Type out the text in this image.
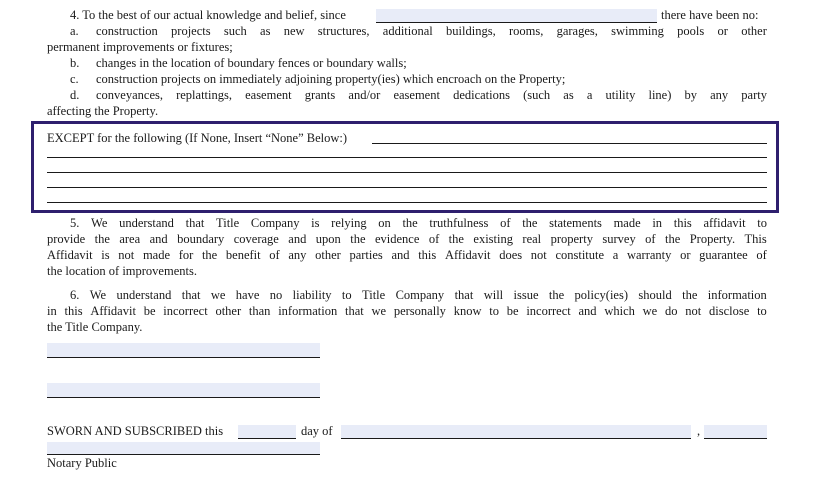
4. To the best of our actual knowledge and belief, since	there have been no:
a. construction projects such as new structures, additional buildings, rooms, garages, swimming pools or other
permanent improvements or fixtures;
b. changes in the location of boundary fences or boundary walls;
c. construction projects on immediately adjoining property(ies) which encroach on the Property;
d. conveyances, replattings, easement grants and/or easement dedications (such as a utility line) by any party
affecting the Property.
EXCEPT for the following (If None, Insert “None” Below:)
5. We understand that Title Company is relying on the truthfulness of the statements made in this affidavit to
provide the area and boundary coverage and upon the evidence of the existing real property survey of the Property. This
Affidavit is not made for the benefit of any other parties and this Affidavit does not constitute a warranty or guarantee of
the location of improvements.
6. We understand that we have no liability to Title Company that will issue the policy(ies) should the information
in this Affidavit be incorrect other than information that we personally know to be incorrect and which we do not disclose to
the Title Company.
SWORN AND SUBSCRIBED this	day of	,
Notary Public
